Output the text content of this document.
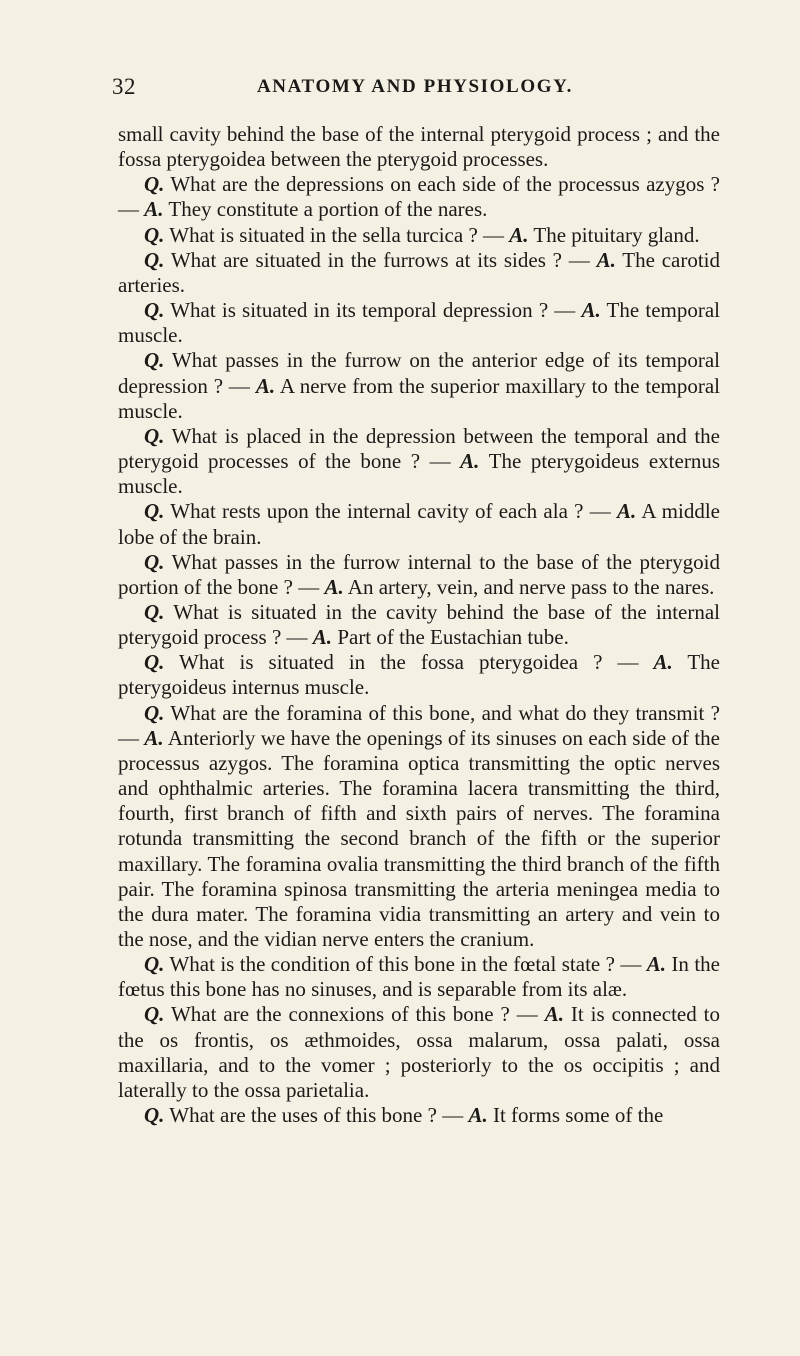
32	ANATOMY AND PHYSIOLOGY.

small cavity behind the base of the internal pterygoid process ; and the fossa pterygoidea between the pterygoid processes.

Q. What are the depressions on each side of the processus azygos ? — A. They constitute a portion of the nares.

Q. What is situated in the sella turcica ? — A. The pituitary gland.

Q. What are situated in the furrows at its sides ? — A. The carotid arteries.

Q. What is situated in its temporal depression ? — A. The temporal muscle.

Q. What passes in the furrow on the anterior edge of its temporal depression ? — A. A nerve from the superior maxillary to the temporal muscle.

Q. What is placed in the depression between the temporal and the pterygoid processes of the bone ? — A. The pterygoideus externus muscle.

Q. What rests upon the internal cavity of each ala ? — A. A middle lobe of the brain.

Q. What passes in the furrow internal to the base of the pterygoid portion of the bone ? — A. An artery, vein, and nerve pass to the nares.

Q. What is situated in the cavity behind the base of the internal pterygoid process ? — A. Part of the Eustachian tube.

Q. What is situated in the fossa pterygoidea ? — A. The pterygoideus internus muscle.

Q. What are the foramina of this bone, and what do they transmit ? — A. Anteriorly we have the openings of its sinuses on each side of the processus azygos. The foramina optica transmitting the optic nerves and ophthalmic arteries. The foramina lacera transmitting the third, fourth, first branch of fifth and sixth pairs of nerves. The foramina rotunda transmitting the second branch of the fifth or the superior maxillary. The foramina ovalia transmitting the third branch of the fifth pair. The foramina spinosa transmitting the arteria meningea media to the dura mater. The foramina vidia transmitting an artery and vein to the nose, and the vidian nerve enters the cranium.

Q. What is the condition of this bone in the fœtal state ? — A. In the fœtus this bone has no sinuses, and is separable from its alæ.

Q. What are the connexions of this bone ? — A. It is connected to the os frontis, os æthmoides, ossa malarum, ossa palati, ossa maxillaria, and to the vomer ; posteriorly to the os occipitis ; and laterally to the ossa parietalia.

Q. What are the uses of this bone ? — A. It forms some of the
